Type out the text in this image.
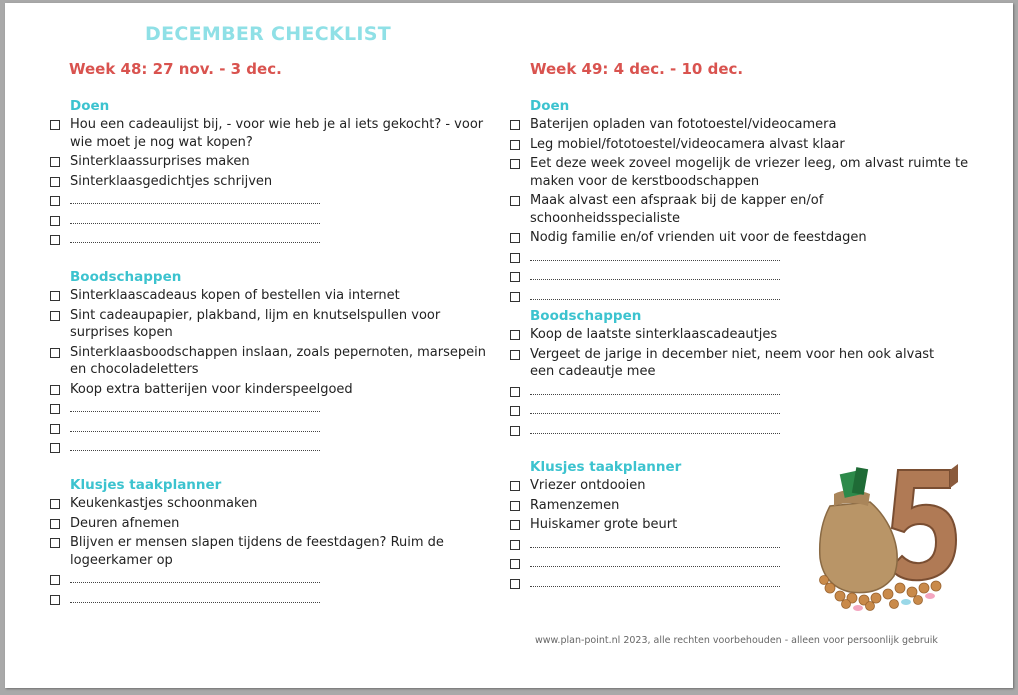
DECEMBER CHECKLIST
Week 48: 27 nov. - 3 dec.	Week 49: 4 dec. - 10 dec.
Doen
Hou een cadeaulijst bij, - voor wie heb je al iets gekocht? - voor wie moet je nog wat kopen?
Sinterklaassurprises maken
Sinterklaasgedichtjes schrijven
Boodschappen
Sinterklaascadeaus kopen of bestellen via internet
Sint cadeaupapier, plakband, lijm en knutselspullen voor surprises kopen
Sinterklaasboodschappen inslaan, zoals pepernoten, marsepein en chocoladeletters
Koop extra batterijen voor kinderspeelgoed
Klusjes taakplanner
Keukenkastjes schoonmaken
Deuren afnemen
Blijven er mensen slapen tijdens de feestdagen? Ruim de logeerkamer op
Doen
Baterijen opladen van fototoestel/videocamera
Leg mobiel/fototoestel/videocamera alvast klaar
Eet deze week zoveel mogelijk de vriezer leeg, om alvast ruimte te maken voor de kerstboodschappen
Maak alvast een afspraak bij de kapper en/of schoonheidsspecialiste
Nodig familie en/of vrienden uit voor de feestdagen
Boodschappen
Koop de laatste sinterklaascadeautjes
Vergeet de jarige in december niet, neem voor hen ook alvast een cadeautje mee
Klusjes taakplanner
Vriezer ontdooien
Ramenzemen
Huiskamer grote beurt
www.plan-point.nl 2023, alle rechten voorbehouden - alleen voor persoonlijk gebruik
